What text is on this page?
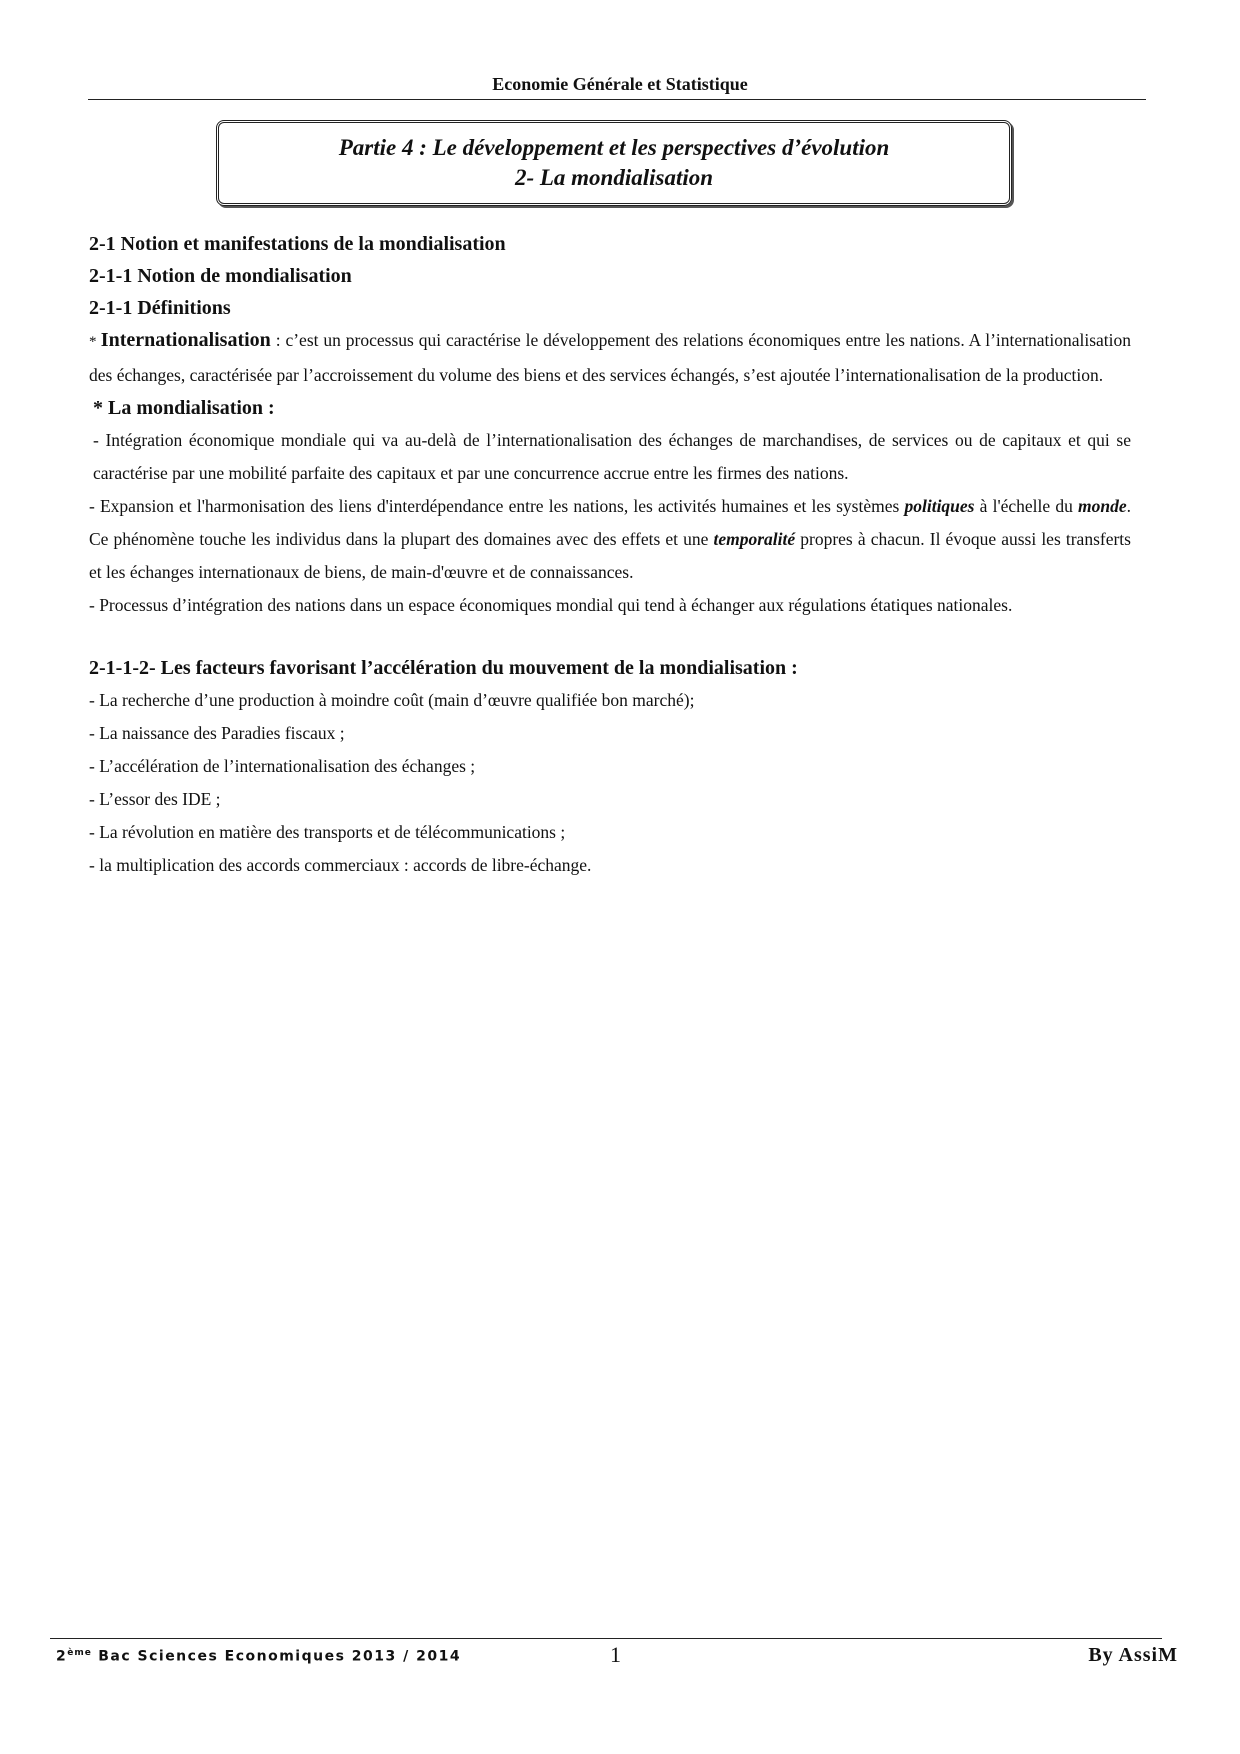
Economie Générale et Statistique
Partie 4 : Le développement et les perspectives d’évolution
2- La mondialisation
2-1 Notion et manifestations de la mondialisation
2-1-1 Notion de mondialisation
2-1-1 Définitions
* Internationalisation : c’est un processus qui caractérise le développement des relations économiques entre les nations. A l’internationalisation des échanges, caractérisée par l’accroissement du volume des biens et des services échangés, s’est ajoutée l’internationalisation de la production.
* La mondialisation :
- Intégration économique mondiale qui va au-delà de l’internationalisation des échanges de marchandises, de services ou de capitaux et qui se caractérise par une mobilité parfaite des capitaux et par une concurrence accrue entre les firmes des nations.
- Expansion et l'harmonisation des liens d'interdépendance entre les nations, les activités humaines et les systèmes politiques à l'échelle du monde. Ce phénomène touche les individus dans la plupart des domaines avec des effets et une temporalité propres à chacun. Il évoque aussi les transferts et les échanges internationaux de biens, de main-d'œuvre et de connaissances.
- Processus d’intégration des nations dans un espace économiques mondial qui tend à échanger aux régulations étatiques nationales.
2-1-1-2- Les facteurs favorisant l’accélération du mouvement de la mondialisation :
- La recherche d’une production à moindre coût (main d’œuvre qualifiée bon marché);
- La naissance des Paradies fiscaux ;
- L’accélération de l’internationalisation des échanges ;
- L’essor des IDE ;
- La révolution en matière des transports et de télécommunications ;
- la multiplication des accords commerciaux : accords de libre-échange.
2ème Bac Sciences Economiques 2013 / 2014	1	By AssiM
